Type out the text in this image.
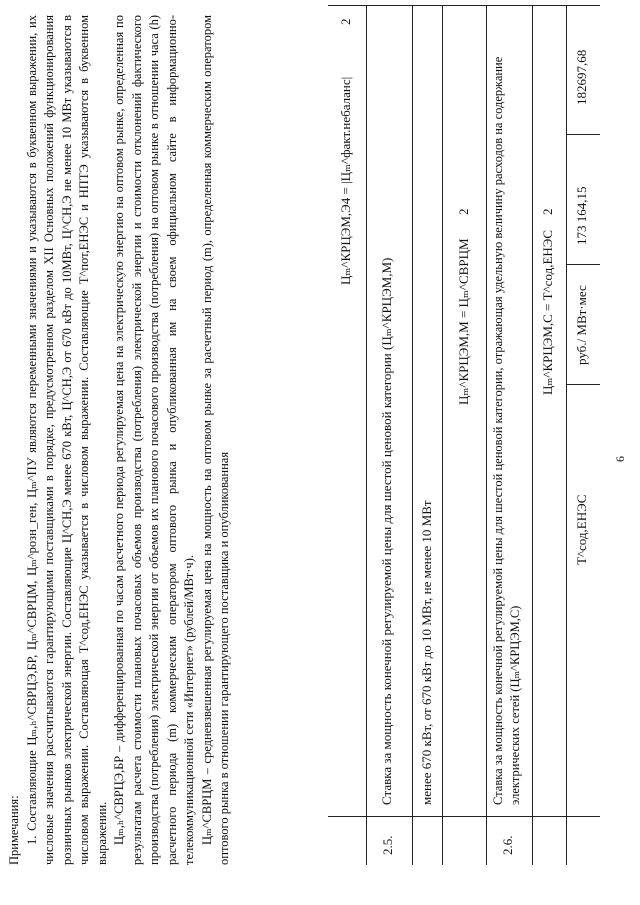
6
Цₘ^КРЦЭМ,Э4 = |Цₘ^факт.небаланс|
2
2.5.
Ставка за мощность конечной регулируемой цены для шестой ценовой категории (Цₘ^КРЦЭМ,М) менее 670 кВт, от 670 кВт до 10 МВт, не менее 10 МВт
Цₘ^КРЦЭМ,М = Цₘ^СВРЦМ
2
2.6.
Ставка за мощность конечной регулируемой цены для шестой ценовой категории, отражающая удельную величину расходов на содержание электрических сетей (Цₘ^КРЦЭМ,С)
Цₘ^КРЦЭМ,С = Т^сод,ЕНЭС
2
Т^сод,ЕНЭС
руб./ МВт·мес
173 164,15
182697,68

Примечания: 1. Составляющие Цₘ,ₕ^СВРЦЭ,БР, Цₘ^СВРЦМ, Цₘ^розн_ген, Цₘ^ПУ являются переменными значениями и указываются в буквенном выражении, их числовые значения рассчитываются гарантирующими поставщиками в порядке, предусмотренном разделом XII Основных положений функционирования розничных рынков электрической энергии. Составляющие Ц^СН,Э менее 670 кВт, Ц^СН,Э от 670 кВт до 10МВт, Ц^СН,Э не менее 10 МВт указываются в числовом выражении. Составляющая Т^сод,ЕНЭС указывается в числовом выражении. Составляющие Т^пот,ЕНЭС и НПТЭ указываются в буквенном выражении. Цₘ,ₕ^СВРЦЭ,БР – дифференцированная по часам расчетного периода регулируемая цена на электрическую энергию на оптовом рынке, определенная по результатам расчета стоимости плановых почасовых объемов производства (потребления) электрической энергии и стоимости отклонений фактического производства (потребления) электрической энергии от объемов их планового почасового производства (потребления) на оптовом рынке в отношении часа (h) расчетного периода (m) коммерческим оператором оптового рынка и опубликованная им на своем официальном сайте в информационно-телекоммуникационной сети «Интернет» (рублей/МВт·ч). Цₘ^СВРЦМ – средневзвешенная регулируемая цена на мощность на оптовом рынке за расчетный период (m), определенная коммерческим оператором оптового рынка в отношении гарантирующего поставщика и опубликованная
